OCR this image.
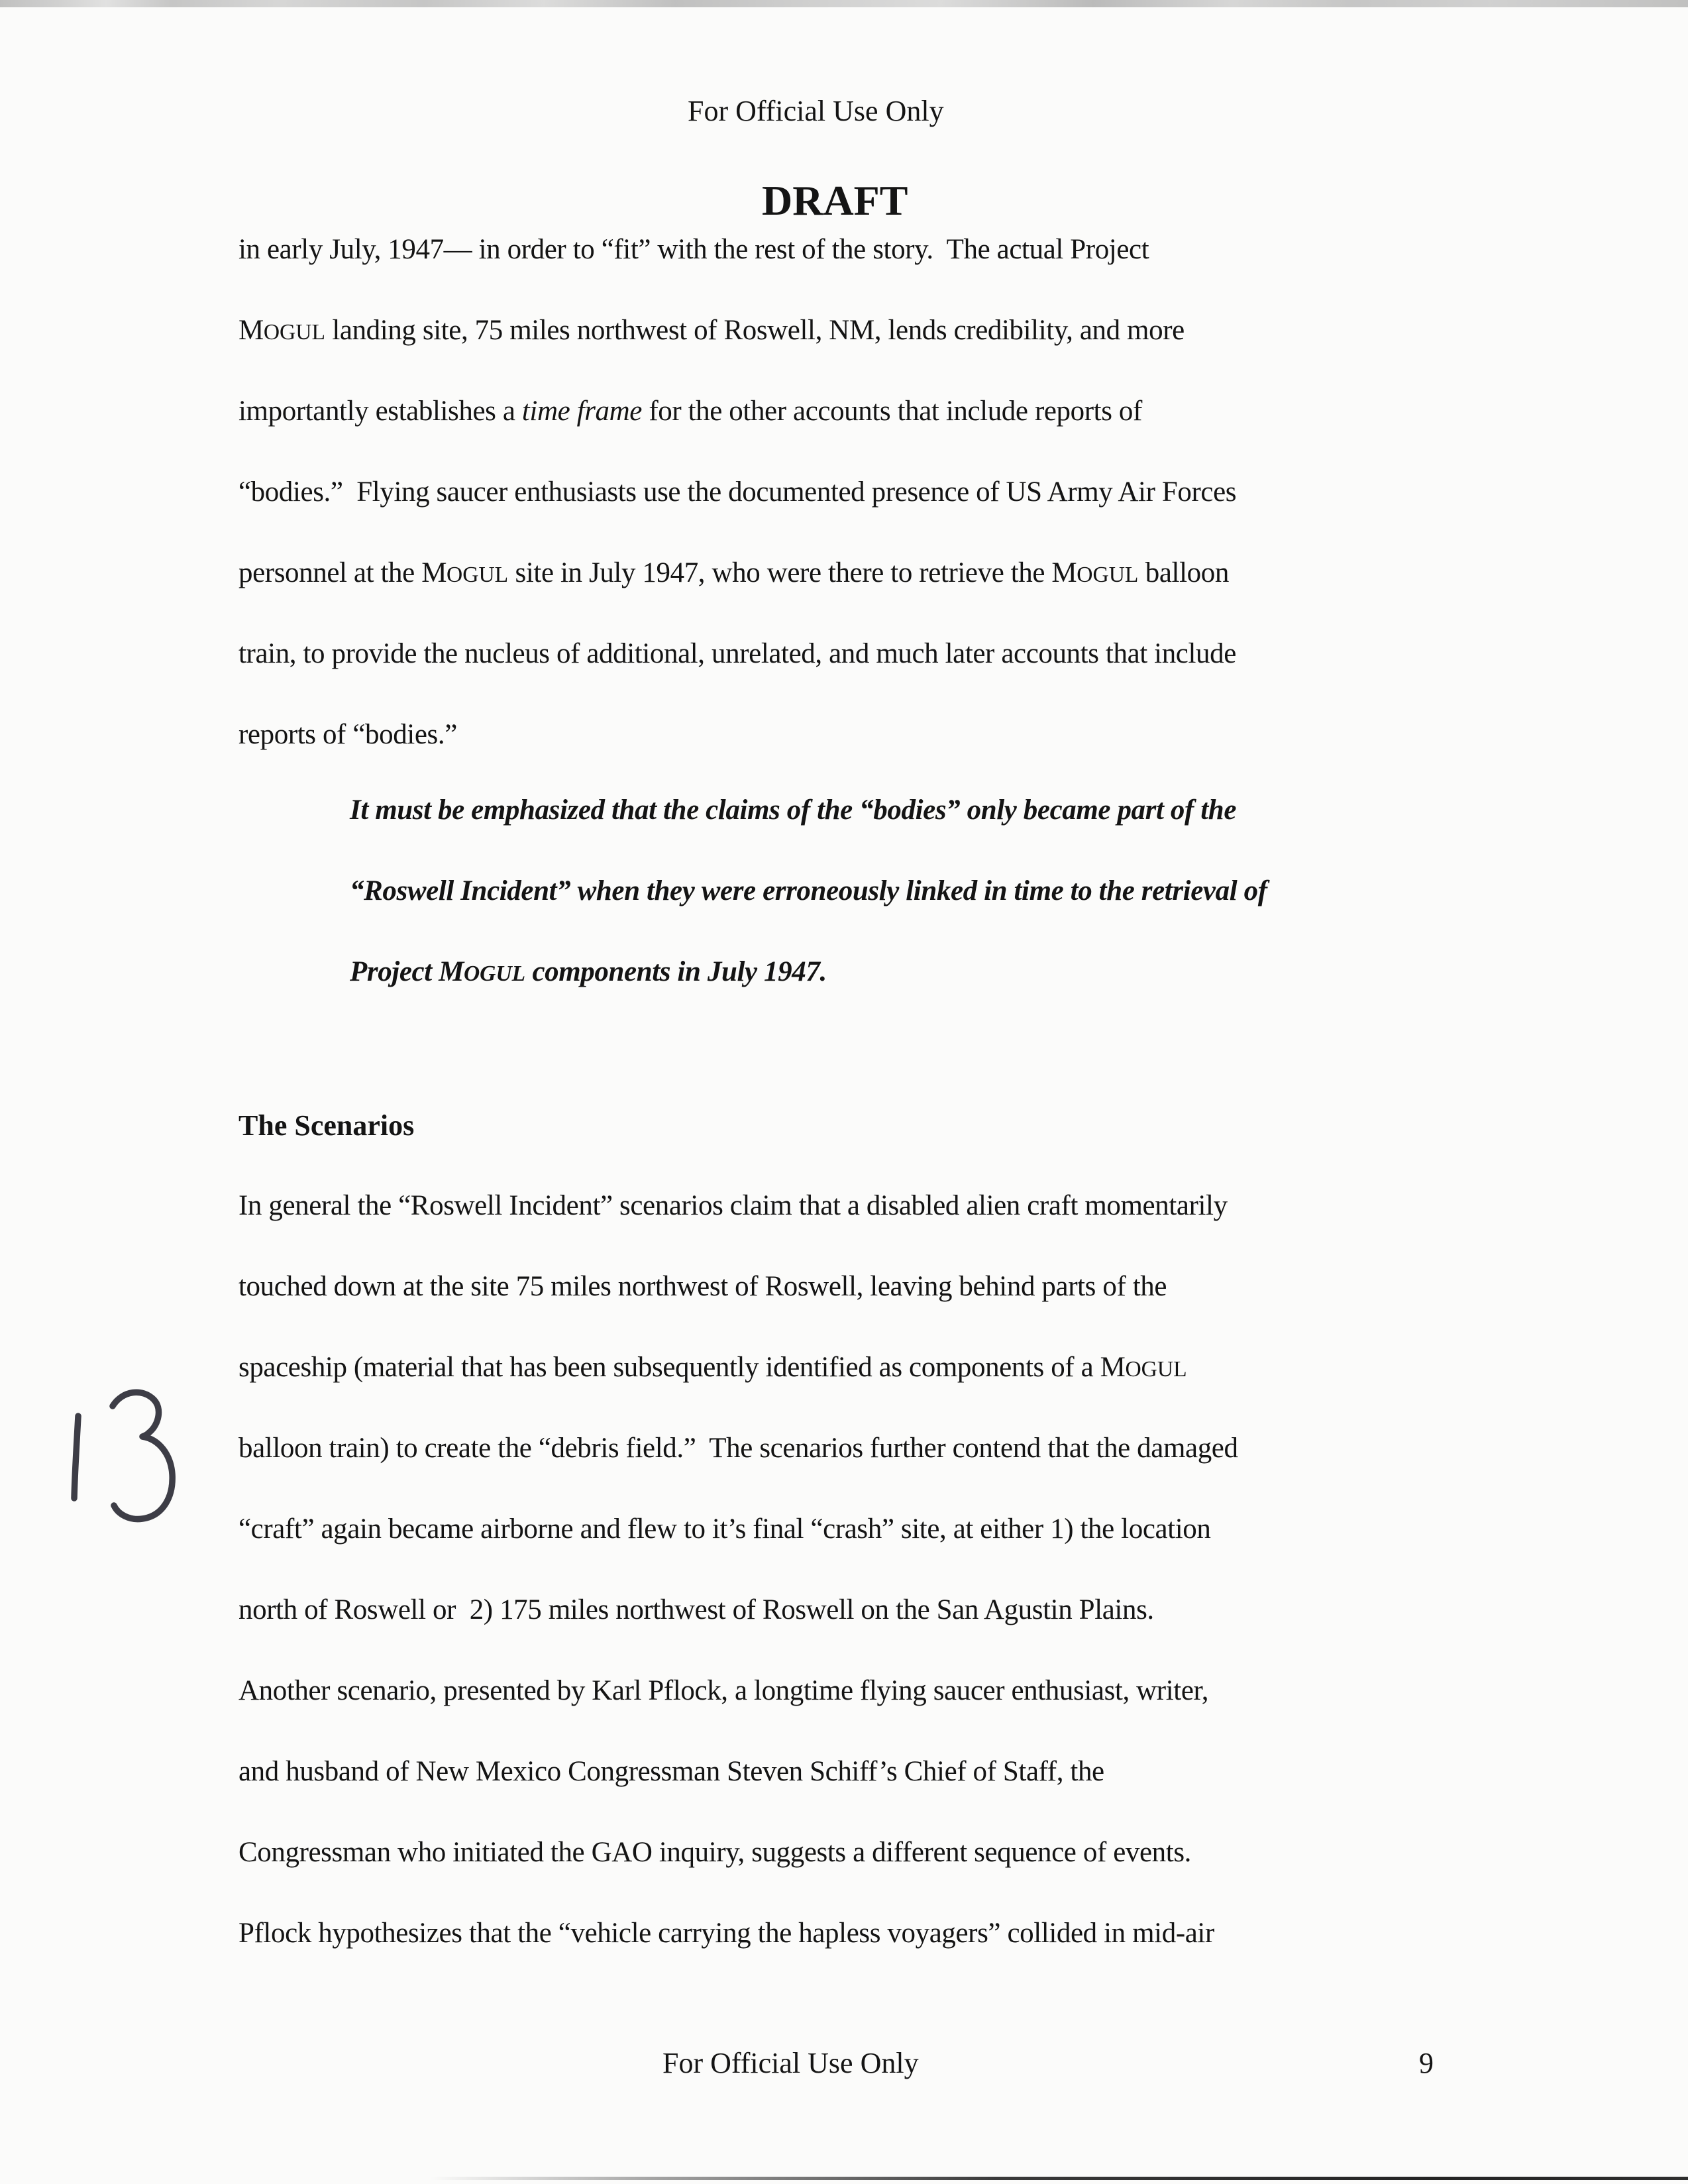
For Official Use Only
DRAFT
in early July, 1947— in order to “fit” with the rest of the story.  The actual Project
MOGUL landing site, 75 miles northwest of Roswell, NM, lends credibility, and more
importantly establishes a time frame for the other accounts that include reports of
“bodies.”  Flying saucer enthusiasts use the documented presence of US Army Air Forces
personnel at the MOGUL site in July 1947, who were there to retrieve the MOGUL balloon
train, to provide the nucleus of additional, unrelated, and much later accounts that include
reports of “bodies.”
It must be emphasized that the claims of the “bodies” only became part of the
“Roswell Incident” when they were erroneously linked in time to the retrieval of
Project MOGUL components in July 1947.
The Scenarios
In general the “Roswell Incident” scenarios claim that a disabled alien craft momentarily
touched down at the site 75 miles northwest of Roswell, leaving behind parts of the
spaceship (material that has been subsequently identified as components of a MOGUL
balloon train) to create the “debris field.”  The scenarios further contend that the damaged
“craft” again became airborne and flew to it’s final “crash” site, at either 1) the location
north of Roswell or  2) 175 miles northwest of Roswell on the San Agustin Plains.
Another scenario, presented by Karl Pflock, a longtime flying saucer enthusiast, writer,
and husband of New Mexico Congressman Steven Schiff’s Chief of Staff, the
Congressman who initiated the GAO inquiry, suggests a different sequence of events.
Pflock hypothesizes that the “vehicle carrying the hapless voyagers” collided in mid-air
For Official Use Only	9
